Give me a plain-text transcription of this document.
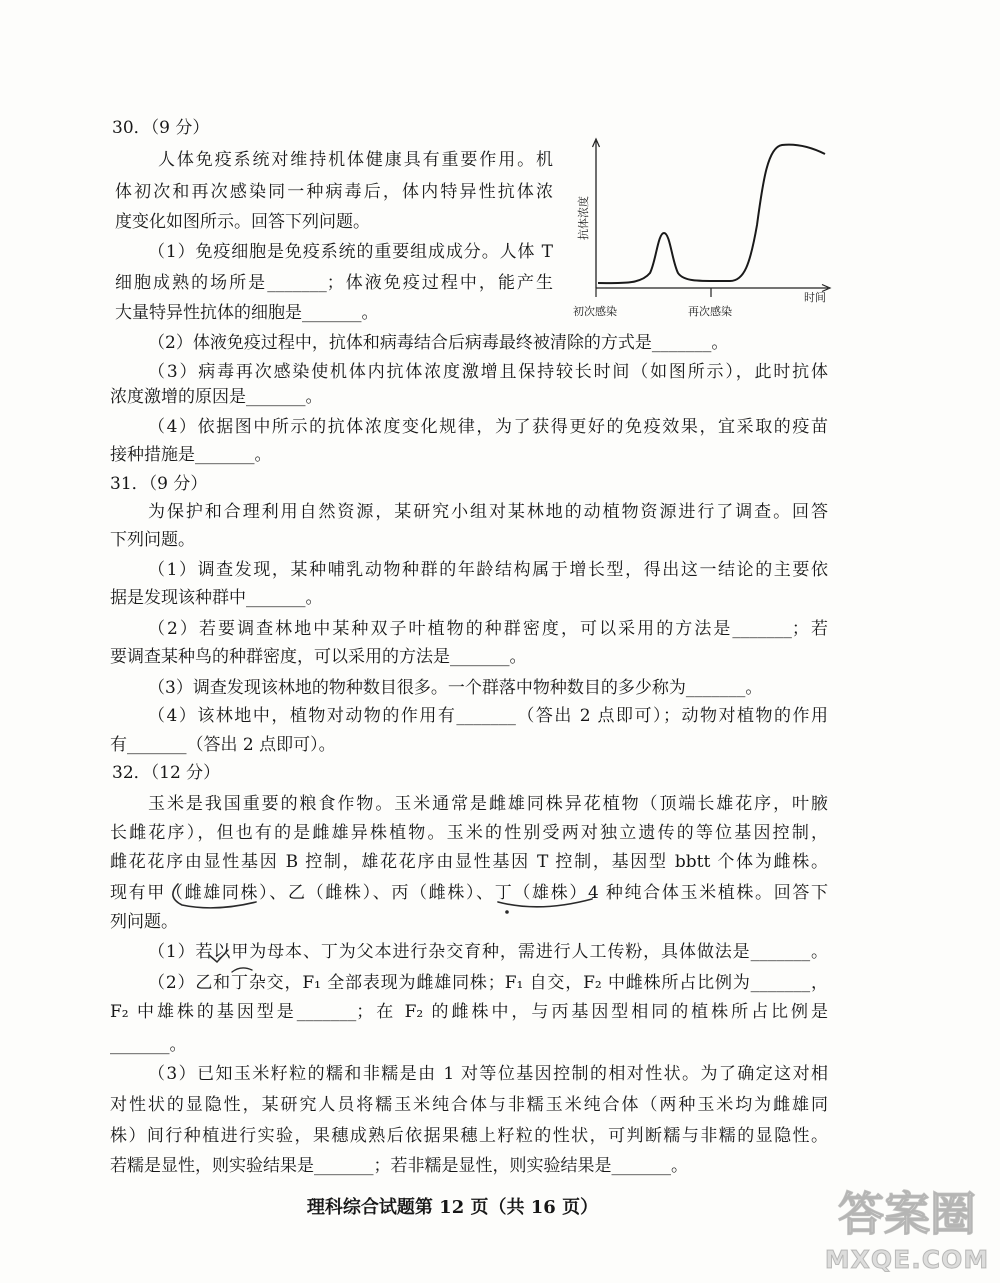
30．（9 分）
人体免疫系统对维持机体健康具有重要作用。机
体初次和再次感染同一种病毒后，体内特异性抗体浓
度变化如图所示。回答下列问题。
（1）免疫细胞是免疫系统的重要组成成分。人体 T
细胞成熟的场所是_______；体液免疫过程中，能产生
大量特异性抗体的细胞是_______。
（2）体液免疫过程中，抗体和病毒结合后病毒最终被清除的方式是_______。
（3）病毒再次感染使机体内抗体浓度激增且保持较长时间（如图所示），此时抗体
浓度激增的原因是_______。
（4）依据图中所示的抗体浓度变化规律，为了获得更好的免疫效果，宜采取的疫苗
接种措施是_______。
抗体浓度
时间
初次感染	再次感染
31．（9 分）
为保护和合理利用自然资源，某研究小组对某林地的动植物资源进行了调查。回答
下列问题。
（1）调查发现，某种哺乳动物种群的年龄结构属于增长型，得出这一结论的主要依
据是发现该种群中_______。
（2）若要调查林地中某种双子叶植物的种群密度，可以采用的方法是_______；若
要调查某种鸟的种群密度，可以采用的方法是_______。
（3）调查发现该林地的物种数目很多。一个群落中物种数目的多少称为_______。
（4）该林地中，植物对动物的作用有_______（答出 2 点即可）；动物对植物的作用
有_______（答出 2 点即可）。
32．（12 分）
玉米是我国重要的粮食作物。玉米通常是雌雄同株异花植物（顶端长雄花序，叶腋
长雌花序），但也有的是雌雄异株植物。玉米的性别受两对独立遗传的等位基因控制，
雌花花序由显性基因 B 控制，雄花花序由显性基因 T 控制，基因型 bbtt 个体为雌株。
现有甲（雌雄同株）、乙（雌株）、丙（雌株）、丁（雄株）4 种纯合体玉米植株。回答下
列问题。
（1）若以甲为母本、丁为父本进行杂交育种，需进行人工传粉，具体做法是_______。
（2）乙和丁杂交，F₁ 全部表现为雌雄同株；F₁ 自交，F₂ 中雌株所占比例为_______，
F₂ 中雄株的基因型是_______；在 F₂ 的雌株中，与丙基因型相同的植株所占比例是
_______。
（3）已知玉米籽粒的糯和非糯是由 1 对等位基因控制的相对性状。为了确定这对相
对性状的显隐性，某研究人员将糯玉米纯合体与非糯玉米纯合体（两种玉米均为雌雄同
株）间行种植进行实验，果穗成熟后依据果穗上籽粒的性状，可判断糯与非糯的显隐性。
若糯是显性，则实验结果是_______；若非糯是显性，则实验结果是_______。
理科综合试题第 12 页（共 16 页）	答案圈
MXQE.COM
